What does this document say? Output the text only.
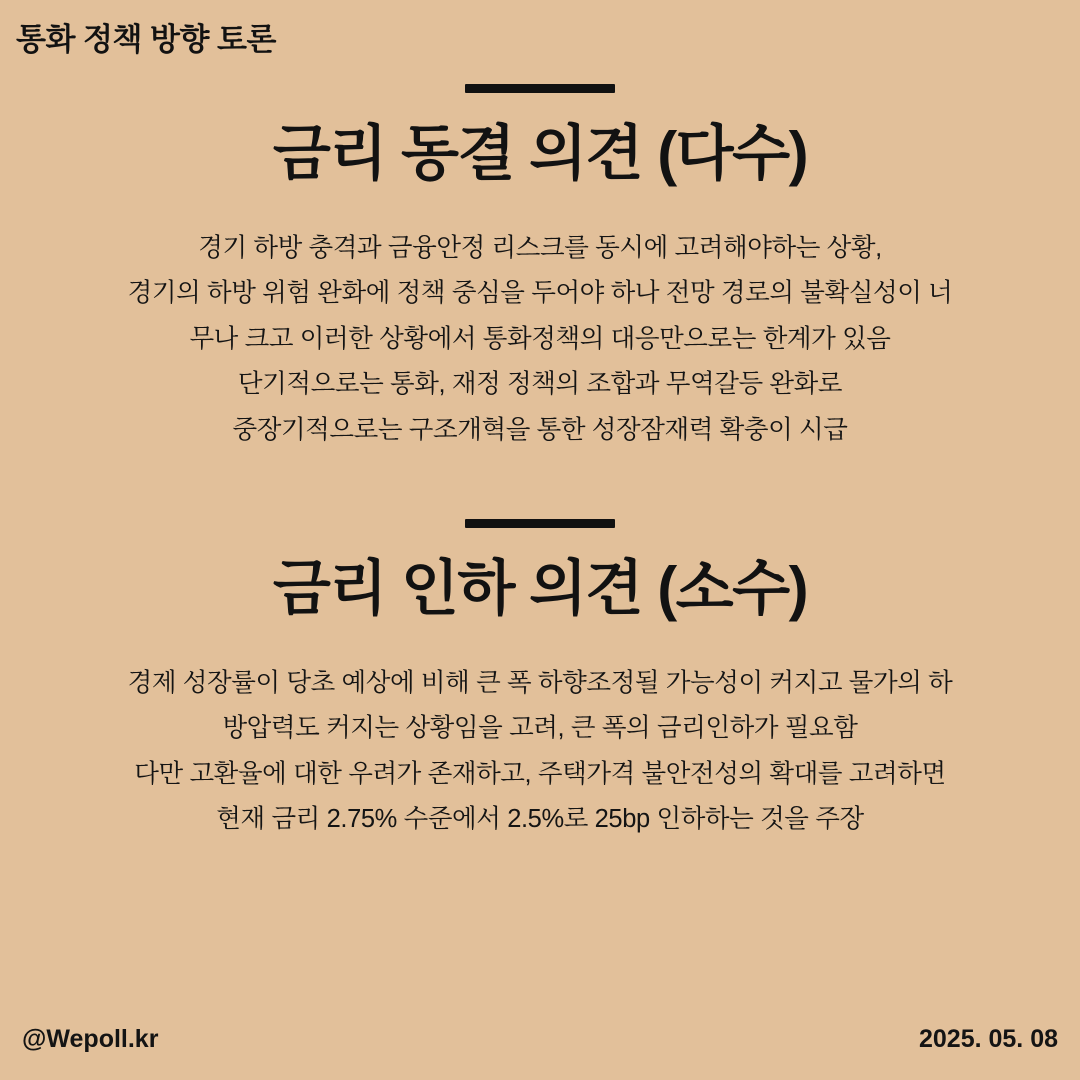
통화 정책 방향 토론
금리 동결 의견 (다수)
경기 하방 충격과 금융안정 리스크를 동시에 고려해야하는 상황,
경기의 하방 위험 완화에 정책 중심을 두어야 하나 전망 경로의 불확실성이 너
무나 크고 이러한 상황에서 통화정책의 대응만으로는 한계가 있음
단기적으로는 통화, 재정 정책의 조합과 무역갈등 완화로
중장기적으로는 구조개혁을 통한 성장잠재력 확충이 시급
금리 인하 의견 (소수)
경제 성장률이 당초 예상에 비해 큰 폭 하향조정될 가능성이 커지고 물가의 하
방압력도 커지는 상황임을 고려, 큰 폭의 금리인하가 필요함
다만 고환율에 대한 우려가 존재하고, 주택가격 불안전성의 확대를 고려하면
현재 금리 2.75% 수준에서 2.5%로 25bp 인하하는 것을 주장
@Wepoll.kr	2025. 05. 08
